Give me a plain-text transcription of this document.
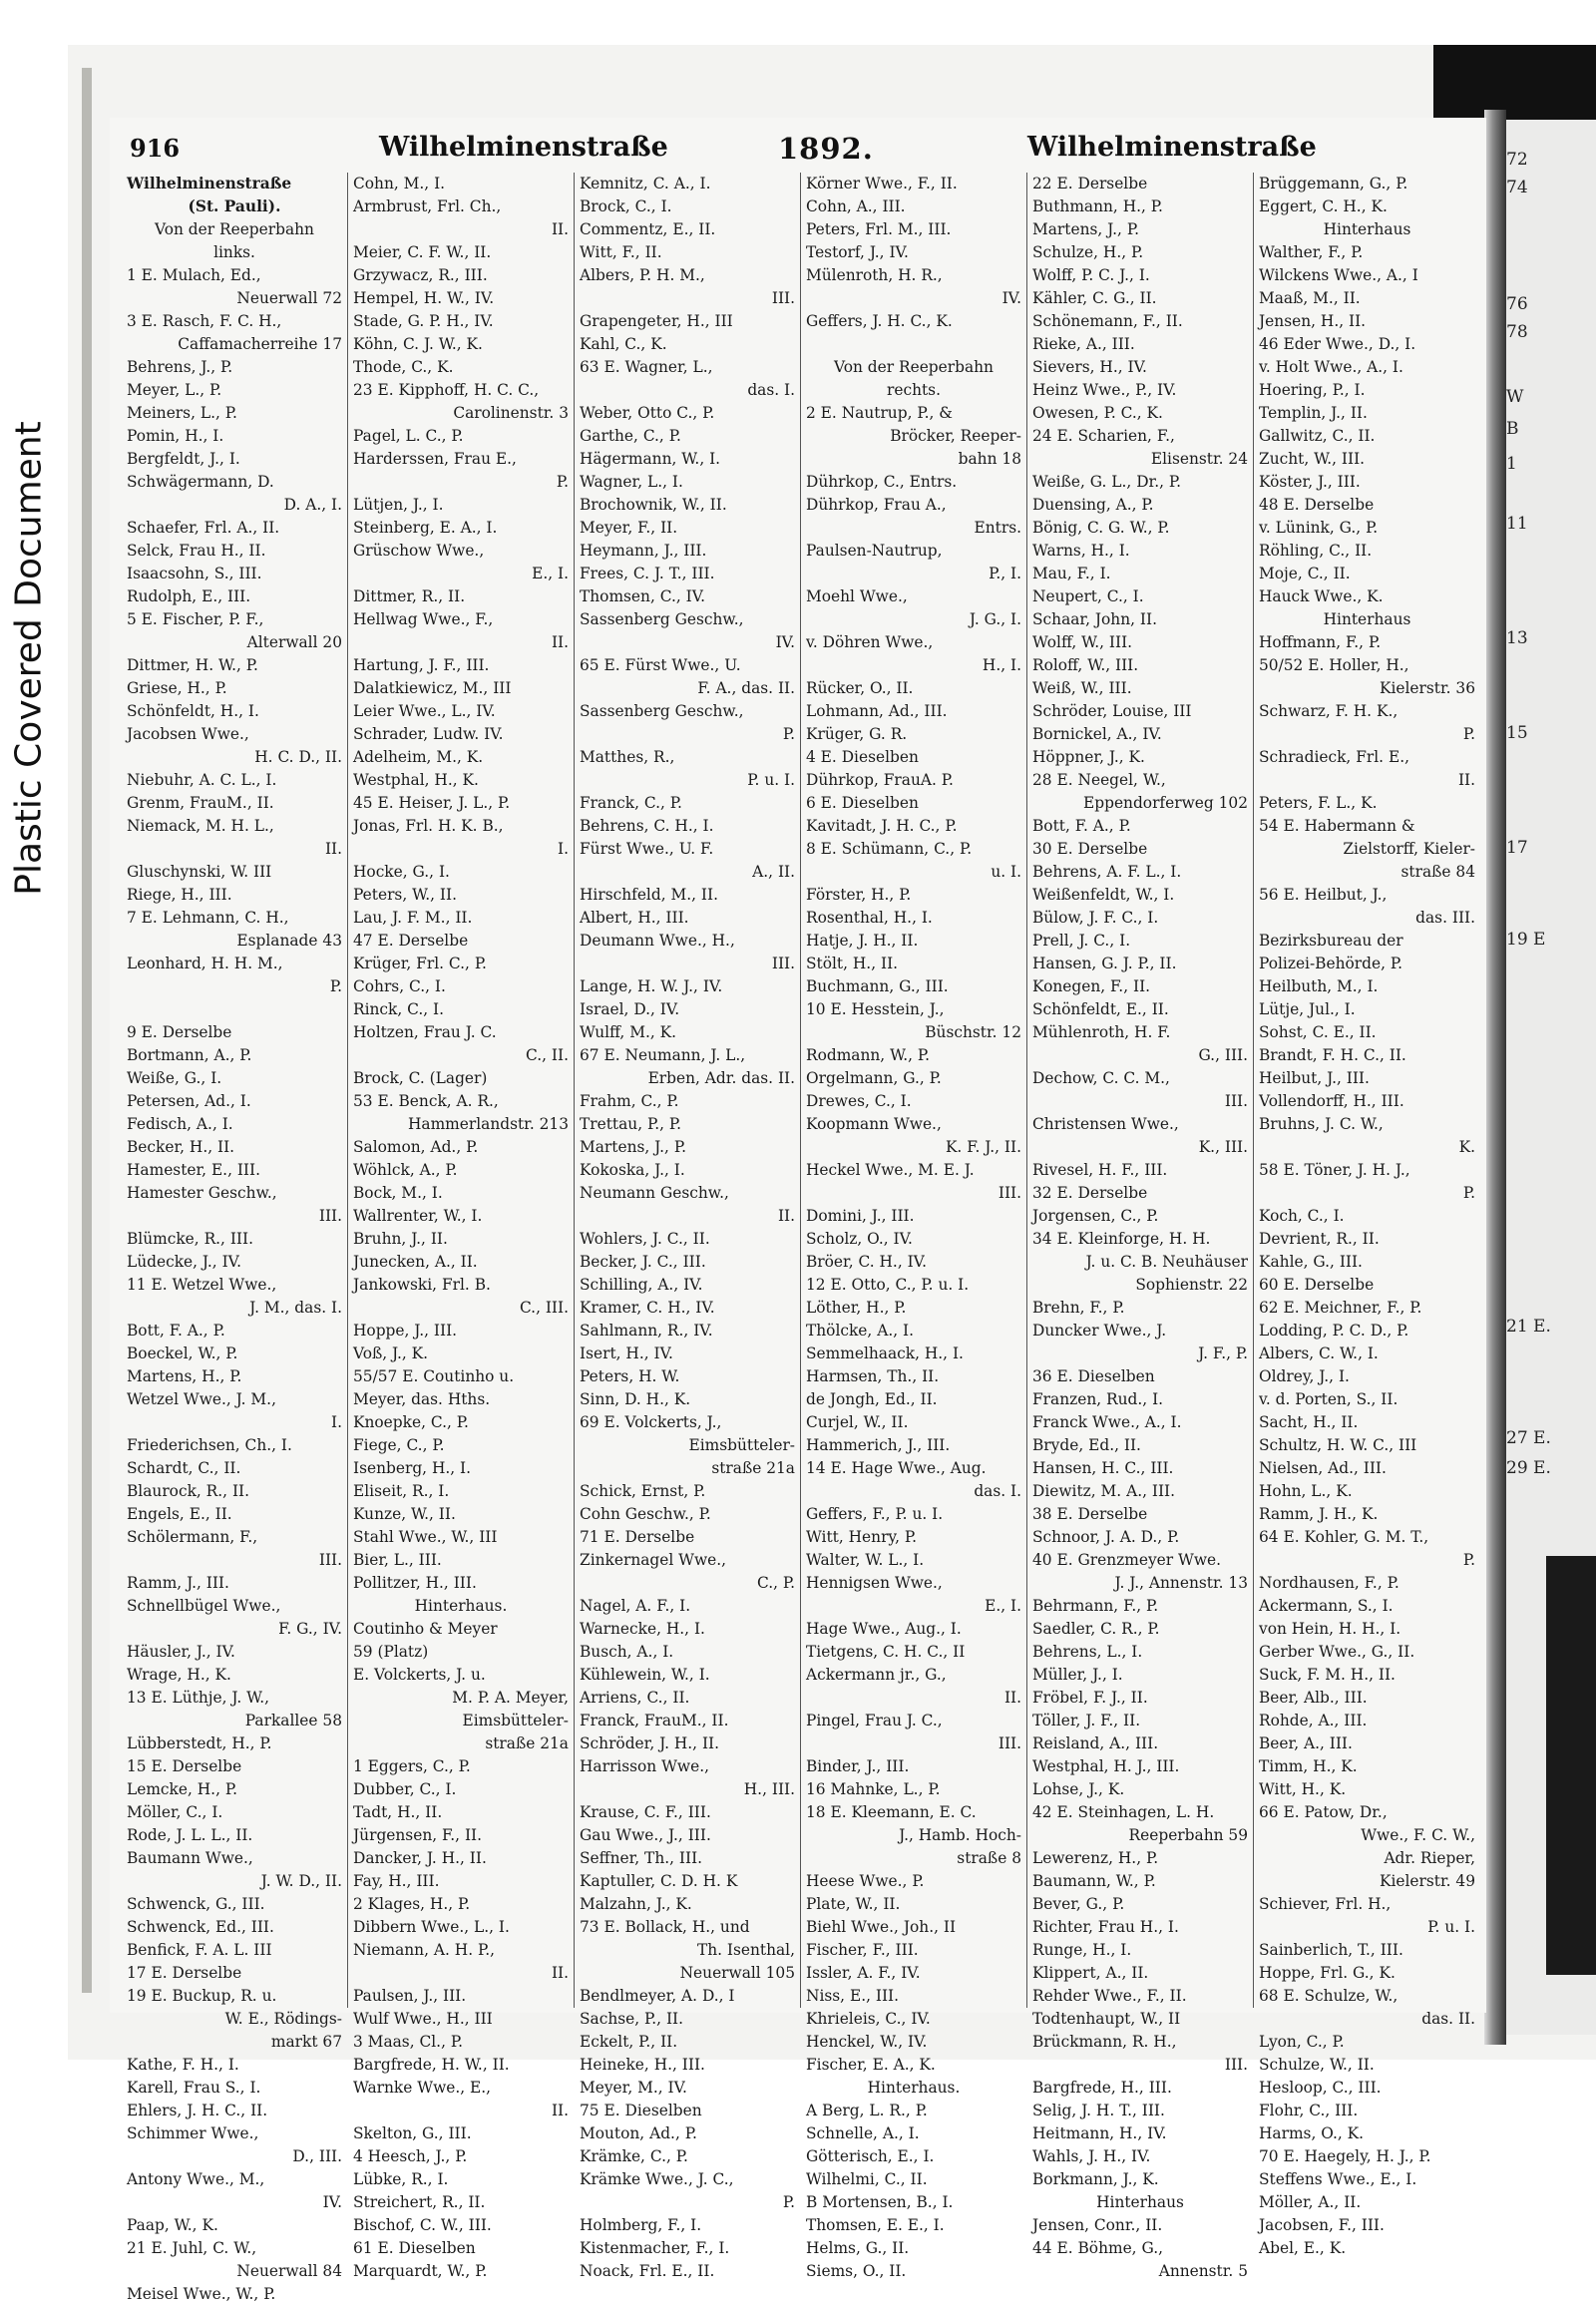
Plastic Covered Document
72
74
76
78
W
B
1
11
13
15
17
19 E
21 E.
27 E.
29 E.
916	Wilhelminenstraße	1892.	Wilhelminenstraße
Wilhelminenstraße
(St. Pauli).
Von der Reeperbahn
links.
1 E. Mulach, Ed.,
Neuerwall 72
3 E. Rasch, F. C. H.,
Caffamacherreihe 17
Behrens, J., P.
Meyer, L., P.
Meiners, L., P.
Pomin, H., I.
Bergfeldt, J., I.
Schwägermann, D.
D. A., I.
Schaefer, Frl. A., II.
Selck, Frau H., II.
Isaacsohn, S., III.
Rudolph, E., III.
5 E. Fischer, P. F.,
Alterwall 20
Dittmer, H. W., P.
Griese, H., P.
Schönfeldt, H., I.
Jacobsen Wwe.,
H. C. D., II.
Niebuhr, A. C. L., I.
Grenm, FrauM., II.
Niemack, M. H. L.,
II.
Gluschynski, W. III
Riege, H., III.
7 E. Lehmann, C. H.,
Esplanade 43
Leonhard, H. H. M.,
P.

9 E. Derselbe
Bortmann, A., P.
Weiße, G., I.
Petersen, Ad., I.
Fedisch, A., I.
Becker, H., II.
Hamester, E., III.
Hamester Geschw.,
III.
Blümcke, R., III.
Lüdecke, J., IV.
11 E. Wetzel Wwe.,
J. M., das. I.
Bott, F. A., P.
Boeckel, W., P.
Martens, H., P.
Wetzel Wwe., J. M.,
I.
Friederichsen, Ch., I.
Schardt, C., II.
Blaurock, R., II.
Engels, E., II.
Schölermann, F.,
III.
Ramm, J., III.
Schnellbügel Wwe.,
F. G., IV.
Häusler, J., IV.
Wrage, H., K.
13 E. Lüthje, J. W.,
Parkallee 58
Lübberstedt, H., P.
15 E. Derselbe
Lemcke, H., P.
Möller, C., I.
Rode, J. L. L., II.
Baumann Wwe.,
J. W. D., II.
Schwenck, G., III.
Schwenck, Ed., III.
Benfick, F. A. L. III
17 E. Derselbe
19 E. Buckup, R. u.
W. E., Rödings-
markt 67
Kathe, F. H., I.
Karell, Frau S., I.
Ehlers, J. H. C., II.
Schimmer Wwe.,
D., III.
Antony Wwe., M.,
IV.
Paap, W., K.
21 E. Juhl, C. W.,
Neuerwall 84
Meisel Wwe., W., P.
Cohn, M., I.
Armbrust, Frl. Ch.,
II.
Meier, C. F. W., II.
Grzywacz, R., III.
Hempel, H. W., IV.
Stade, G. P. H., IV.
Köhn, C. J. W., K.
Thode, C., K.
23 E. Kipphoff, H. C. C.,
Carolinenstr. 3
Pagel, L. C., P.
Harderssen, Frau E.,
P.
Lütjen, J., I.
Steinberg, E. A., I.
Grüschow Wwe.,
E., I.
Dittmer, R., II.
Hellwag Wwe., F.,
II.
Hartung, J. F., III.
Dalatkiewicz, M., III
Leier Wwe., L., IV.
Schrader, Ludw. IV.
Adelheim, M., K.
Westphal, H., K.
45 E. Heiser, J. L., P.
Jonas, Frl. H. K. B.,
I.
Hocke, G., I.
Peters, W., II.
Lau, J. F. M., II.
47 E. Derselbe
Krüger, Frl. C., P.
Cohrs, C., I.
Rinck, C., I.
Holtzen, Frau J. C.
C., II.
Brock, C. (Lager)
53 E. Benck, A. R.,
Hammerlandstr. 213
Salomon, Ad., P.
Wöhlck, A., P.
Bock, M., I.
Wallrenter, W., I.
Bruhn, J., II.
Junecken, A., II.
Jankowski, Frl. B.
C., III.
Hoppe, J., III.
Voß, J., K.
55/57 E. Coutinho u.
Meyer, das. Hths.
Knoepke, C., P.
Fiege, C., P.
Isenberg, H., I.
Eliseit, R., I.
Kunze, W., II.
Stahl Wwe., W., III
Bier, L., III.
Pollitzer, H., III.
Hinterhaus.
Coutinho & Meyer
59 (Platz)
E. Volckerts, J. u.
M. P. A. Meyer,
Eimsbütteler-
straße 21a
1 Eggers, C., P.
Dubber, C., I.
Tadt, H., II.
Jürgensen, F., II.
Dancker, J. H., II.
Fay, H., III.
2 Klages, H., P.
Dibbern Wwe., L., I.
Niemann, A. H. P.,
II.
Paulsen, J., III.
Wulf Wwe., H., III
3 Maas, Cl., P.
Bargfrede, H. W., II.
Warnke Wwe., E.,
II.
Skelton, G., III.
4 Heesch, J., P.
Lübke, R., I.
Streichert, R., II.
Bischof, C. W., III.
61 E. Dieselben
Marquardt, W., P.
Kemnitz, C. A., I.
Brock, C., I.
Commentz, E., II.
Witt, F., II.
Albers, P. H. M.,
III.
Grapengeter, H., III
Kahl, C., K.
63 E. Wagner, L.,
das. I.
Weber, Otto C., P.
Garthe, C., P.
Hägermann, W., I.
Wagner, L., I.
Brochownik, W., II.
Meyer, F., II.
Heymann, J., III.
Frees, C. J. T., III.
Thomsen, C., IV.
Sassenberg Geschw.,
IV.
65 E. Fürst Wwe., U.
F. A., das. II.
Sassenberg Geschw.,
P.
Matthes, R.,
P. u. I.
Franck, C., P.
Behrens, C. H., I.
Fürst Wwe., U. F.
A., II.
Hirschfeld, M., II.
Albert, H., III.
Deumann Wwe., H.,
III.
Lange, H. W. J., IV.
Israel, D., IV.
Wulff, M., K.
67 E. Neumann, J. L.,
Erben, Adr. das. II.
Frahm, C., P.
Trettau, P., P.
Martens, J., P.
Kokoska, J., I.
Neumann Geschw.,
II.
Wohlers, J. C., II.
Becker, J. C., III.
Schilling, A., IV.
Kramer, C. H., IV.
Sahlmann, R., IV.
Isert, H., IV.
Peters, H. W.
Sinn, D. H., K.
69 E. Volckerts, J.,
Eimsbütteler-
straße 21a
Schick, Ernst, P.
Cohn Geschw., P.
71 E. Derselbe
Zinkernagel Wwe.,
C., P.
Nagel, A. F., I.
Warnecke, H., I.
Busch, A., I.
Kühlewein, W., I.
Arriens, C., II.
Franck, FrauM., II.
Schröder, J. H., II.
Harrisson Wwe.,
H., III.
Krause, C. F., III.
Gau Wwe., J., III.
Seffner, Th., III.
Kaptuller, C. D. H. K
Malzahn, J., K.
73 E. Bollack, H., und
Th. Isenthal,
Neuerwall 105
Bendlmeyer, A. D., I
Sachse, P., II.
Eckelt, P., II.
Heineke, H., III.
Meyer, M., IV.
75 E. Dieselben
Mouton, Ad., P.
Krämke, C., P.
Krämke Wwe., J. C.,
P.
Holmberg, F., I.
Kistenmacher, F., I.
Noack, Frl. E., II.
Körner Wwe., F., II.
Cohn, A., III.
Peters, Frl. M., III.
Testorf, J., IV.
Mülenroth, H. R.,
IV.
Geffers, J. H. C., K.

Von der Reeperbahn
rechts.
2 E. Nautrup, P., &
Bröcker, Reeper-
bahn 18
Dührkop, C., Entrs.
Dührkop, Frau A.,
Entrs.
Paulsen-Nautrup,
P., I.
Moehl Wwe.,
J. G., I.
v. Döhren Wwe.,
H., I.
Rücker, O., II.
Lohmann, Ad., III.
Krüger, G. R.
4 E. Dieselben
Dührkop, FrauA. P.
6 E. Dieselben
Kavitadt, J. H. C., P.
8 E. Schümann, C., P.
u. I.
Förster, H., P.
Rosenthal, H., I.
Hatje, J. H., II.
Stölt, H., II.
Buchmann, G., III.
10 E. Hesstein, J.,
Büschstr. 12
Rodmann, W., P.
Orgelmann, G., P.
Drewes, C., I.
Koopmann Wwe.,
K. F. J., II.
Heckel Wwe., M. E. J.
III.
Domini, J., III.
Scholz, O., IV.
Bröer, C. H., IV.
12 E. Otto, C., P. u. I.
Löther, H., P.
Thölcke, A., I.
Semmelhaack, H., I.
Harmsen, Th., II.
de Jongh, Ed., II.
Curjel, W., II.
Hammerich, J., III.
14 E. Hage Wwe., Aug.
das. I.
Geffers, F., P. u. I.
Witt, Henry, P.
Walter, W. L., I.
Hennigsen Wwe.,
E., I.
Hage Wwe., Aug., I.
Tietgens, C. H. C., II
Ackermann jr., G.,
II.
Pingel, Frau J. C.,
III.
Binder, J., III.
16 Mahnke, L., P.
18 E. Kleemann, E. C.
J., Hamb. Hoch-
straße 8
Heese Wwe., P.
Plate, W., II.
Biehl Wwe., Joh., II
Fischer, F., III.
Issler, A. F., IV.
Niss, E., III.
Khrieleis, C., IV.
Henckel, W., IV.
Fischer, E. A., K.
Hinterhaus.
A Berg, L. R., P.
Schnelle, A., I.
Götterisch, E., I.
Wilhelmi, C., II.
B Mortensen, B., I.
Thomsen, E. E., I.
Helms, G., II.
Siems, O., II.
22 E. Derselbe
Buthmann, H., P.
Martens, J., P.
Schulze, H., P.
Wolff, P. C. J., I.
Kähler, C. G., II.
Schönemann, F., II.
Rieke, A., III.
Sievers, H., IV.
Heinz Wwe., P., IV.
Owesen, P. C., K.
24 E. Scharien, F.,
Elisenstr. 24
Weiße, G. L., Dr., P.
Duensing, A., P.
Bönig, C. G. W., P.
Warns, H., I.
Mau, F., I.
Neupert, C., I.
Schaar, John, II.
Wolff, W., III.
Roloff, W., III.
Weiß, W., III.
Schröder, Louise, III
Bornickel, A., IV.
Höppner, J., K.
28 E. Neegel, W.,
Eppendorferweg 102
Bott, F. A., P.
30 E. Derselbe
Behrens, A. F. L., I.
Weißenfeldt, W., I.
Bülow, J. F. C., I.
Prell, J. C., I.
Hansen, G. J. P., II.
Konegen, F., II.
Schönfeldt, E., II.
Mühlenroth, H. F.
G., III.
Dechow, C. C. M.,
III.
Christensen Wwe.,
K., III.
Rivesel, H. F., III.
32 E. Derselbe
Jorgensen, C., P.
34 E. Kleinforge, H. H.
J. u. C. B. Neuhäuser
Sophienstr. 22
Brehn, F., P.
Duncker Wwe., J.
J. F., P.
36 E. Dieselben
Franzen, Rud., I.
Franck Wwe., A., I.
Bryde, Ed., II.
Hansen, H. C., III.
Diewitz, M. A., III.
38 E. Derselbe
Schnoor, J. A. D., P.
40 E. Grenzmeyer Wwe.
J. J., Annenstr. 13
Behrmann, F., P.
Saedler, C. R., P.
Behrens, L., I.
Müller, J., I.
Fröbel, F. J., II.
Töller, J. F., II.
Reisland, A., III.
Westphal, H. J., III.
Lohse, J., K.
42 E. Steinhagen, L. H.
Reeperbahn 59
Lewerenz, H., P.
Baumann, W., P.
Bever, G., P.
Richter, Frau H., I.
Runge, H., I.
Klippert, A., II.
Rehder Wwe., F., II.
Todtenhaupt, W., II
Brückmann, R. H.,
III.
Bargfrede, H., III.
Selig, J. H. T., III.
Heitmann, H., IV.
Wahls, J. H., IV.
Borkmann, J., K.
Hinterhaus
Jensen, Conr., II.
44 E. Böhme, G.,
Annenstr. 5
Brüggemann, G., P.
Eggert, C. H., K.
Hinterhaus
Walther, F., P.
Wilckens Wwe., A., I
Maaß, M., II.
Jensen, H., II.
46 Eder Wwe., D., I.
v. Holt Wwe., A., I.
Hoering, P., I.
Templin, J., II.
Gallwitz, C., II.
Zucht, W., III.
Köster, J., III.
48 E. Derselbe
v. Lünink, G., P.
Röhling, C., II.
Moje, C., II.
Hauck Wwe., K.
Hinterhaus
Hoffmann, F., P.
50/52 E. Holler, H.,
Kielerstr. 36
Schwarz, F. H. K.,
P.
Schradieck, Frl. E.,
II.
Peters, F. L., K.
54 E. Habermann &
Zielstorff, Kieler-
straße 84
56 E. Heilbut, J.,
das. III.
Bezirksbureau der
Polizei-Behörde, P.
Heilbuth, M., I.
Lütje, Jul., I.
Sohst, C. E., II.
Brandt, F. H. C., II.
Heilbut, J., III.
Vollendorff, H., III.
Bruhns, J. C. W.,
K.
58 E. Töner, J. H. J.,
P.
Koch, C., I.
Devrient, R., II.
Kahle, G., III.
60 E. Derselbe
62 E. Meichner, F., P.
Lodding, P. C. D., P.
Albers, C. W., I.
Oldrey, J., I.
v. d. Porten, S., II.
Sacht, H., II.
Schultz, H. W. C., III
Nielsen, Ad., III.
Hohn, L., K.
Ramm, J. H., K.
64 E. Kohler, G. M. T.,
P.
Nordhausen, F., P.
Ackermann, S., I.
von Hein, H. H., I.
Gerber Wwe., G., II.
Suck, F. M. H., II.
Beer, Alb., III.
Rohde, A., III.
Beer, A., III.
Timm, H., K.
Witt, H., K.
66 E. Patow, Dr.,
Wwe., F. C. W.,
Adr. Rieper,
Kielerstr. 49
Schiever, Frl. H.,
P. u. I.
Sainberlich, T., III.
Hoppe, Frl. G., K.
68 E. Schulze, W.,
das. II.
Lyon, C., P.
Schulze, W., II.
Hesloop, C., III.
Flohr, C., III.
Harms, O., K.
70 E. Haegely, H. J., P.
Steffens Wwe., E., I.
Möller, A., II.
Jacobsen, F., III.
Abel, E., K.
